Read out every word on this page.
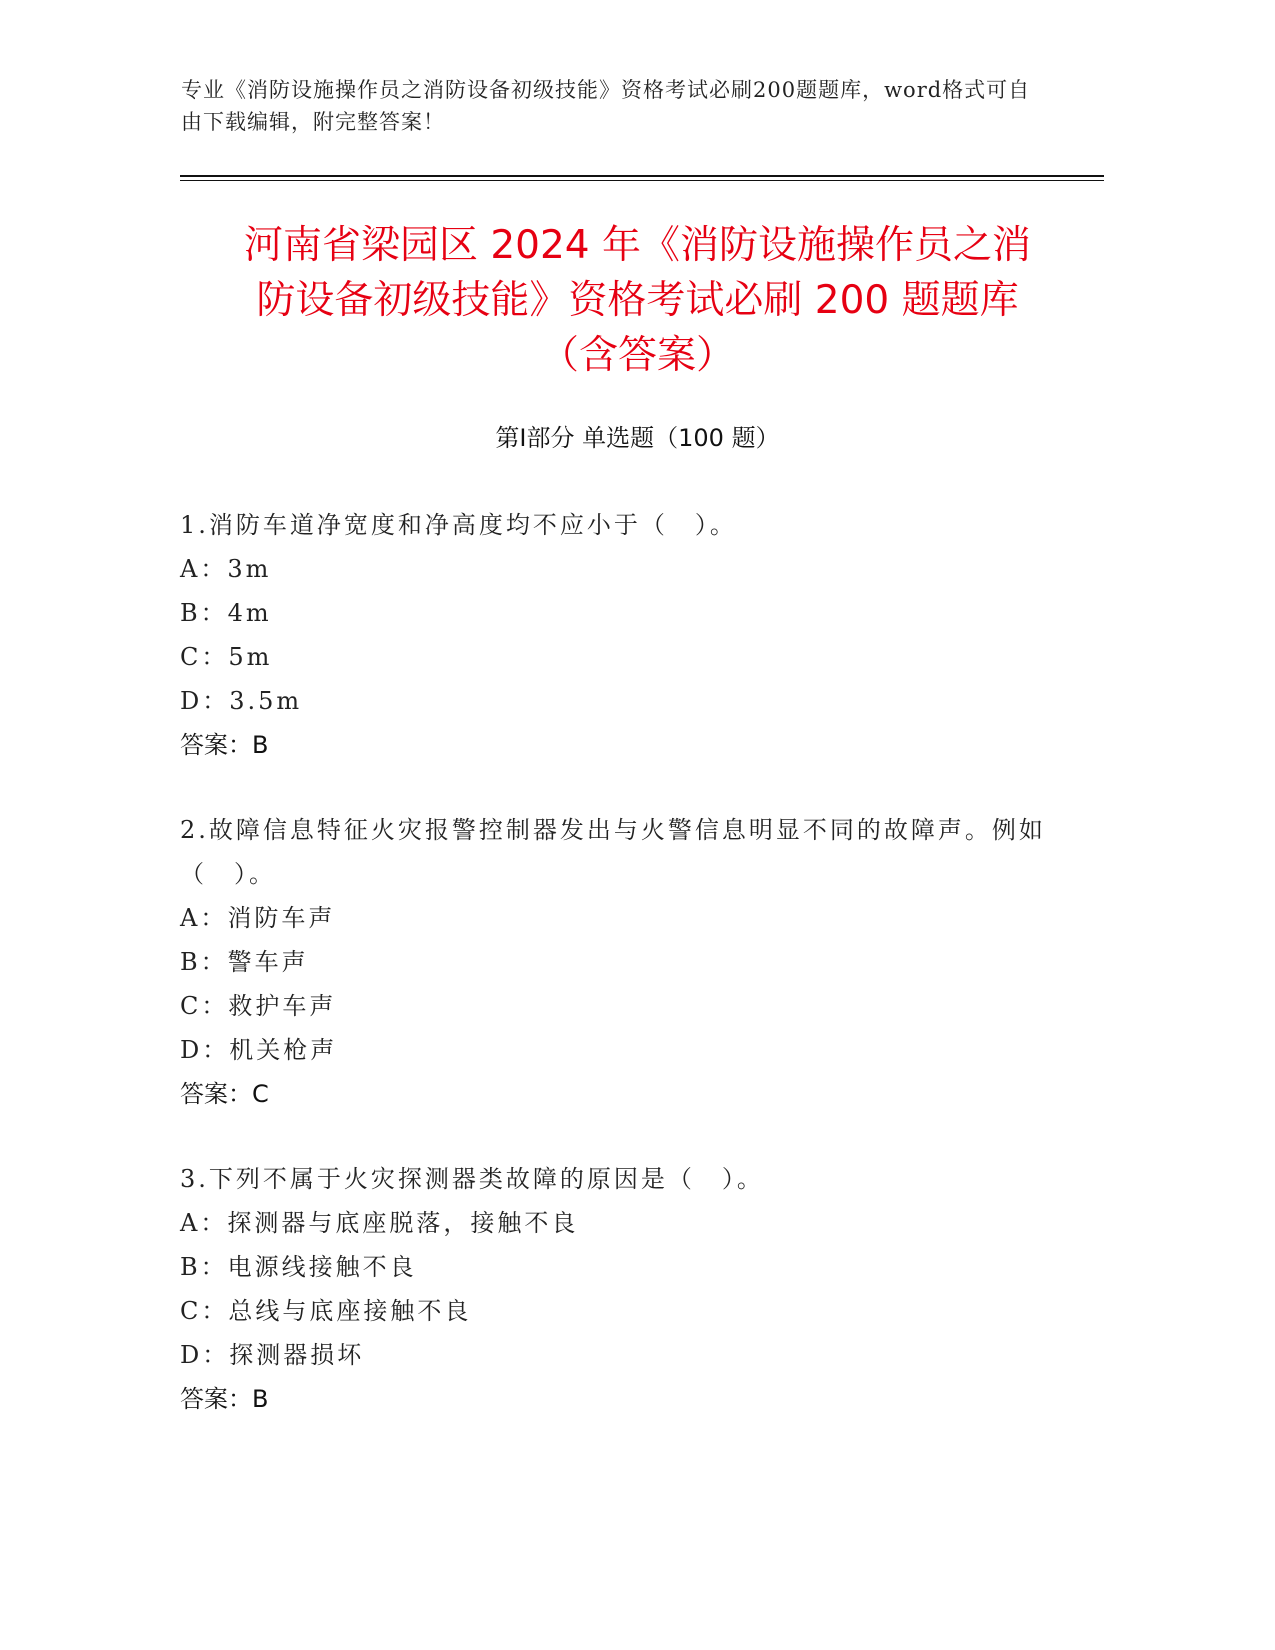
专业《消防设施操作员之消防设备初级技能》资格考试必刷200题题库，word格式可自由下载编辑，附完整答案！
河南省梁园区 2024 年《消防设施操作员之消
防设备初级技能》资格考试必刷 200 题题库
（含答案）
第Ⅰ部分 单选题（100 题）

1.消防车道净宽度和净高度均不应小于（　）。

A：3m

B：4m

C：5m

D：3.5m

答案：B

2.故障信息特征火灾报警控制器发出与火警信息明显不同的故障声。例如（　）。

A：消防车声

B：警车声

C：救护车声

D：机关枪声

答案：C

3.下列不属于火灾探测器类故障的原因是（　）。

A：探测器与底座脱落，接触不良

B：电源线接触不良

C：总线与底座接触不良

D：探测器损坏

答案：B
